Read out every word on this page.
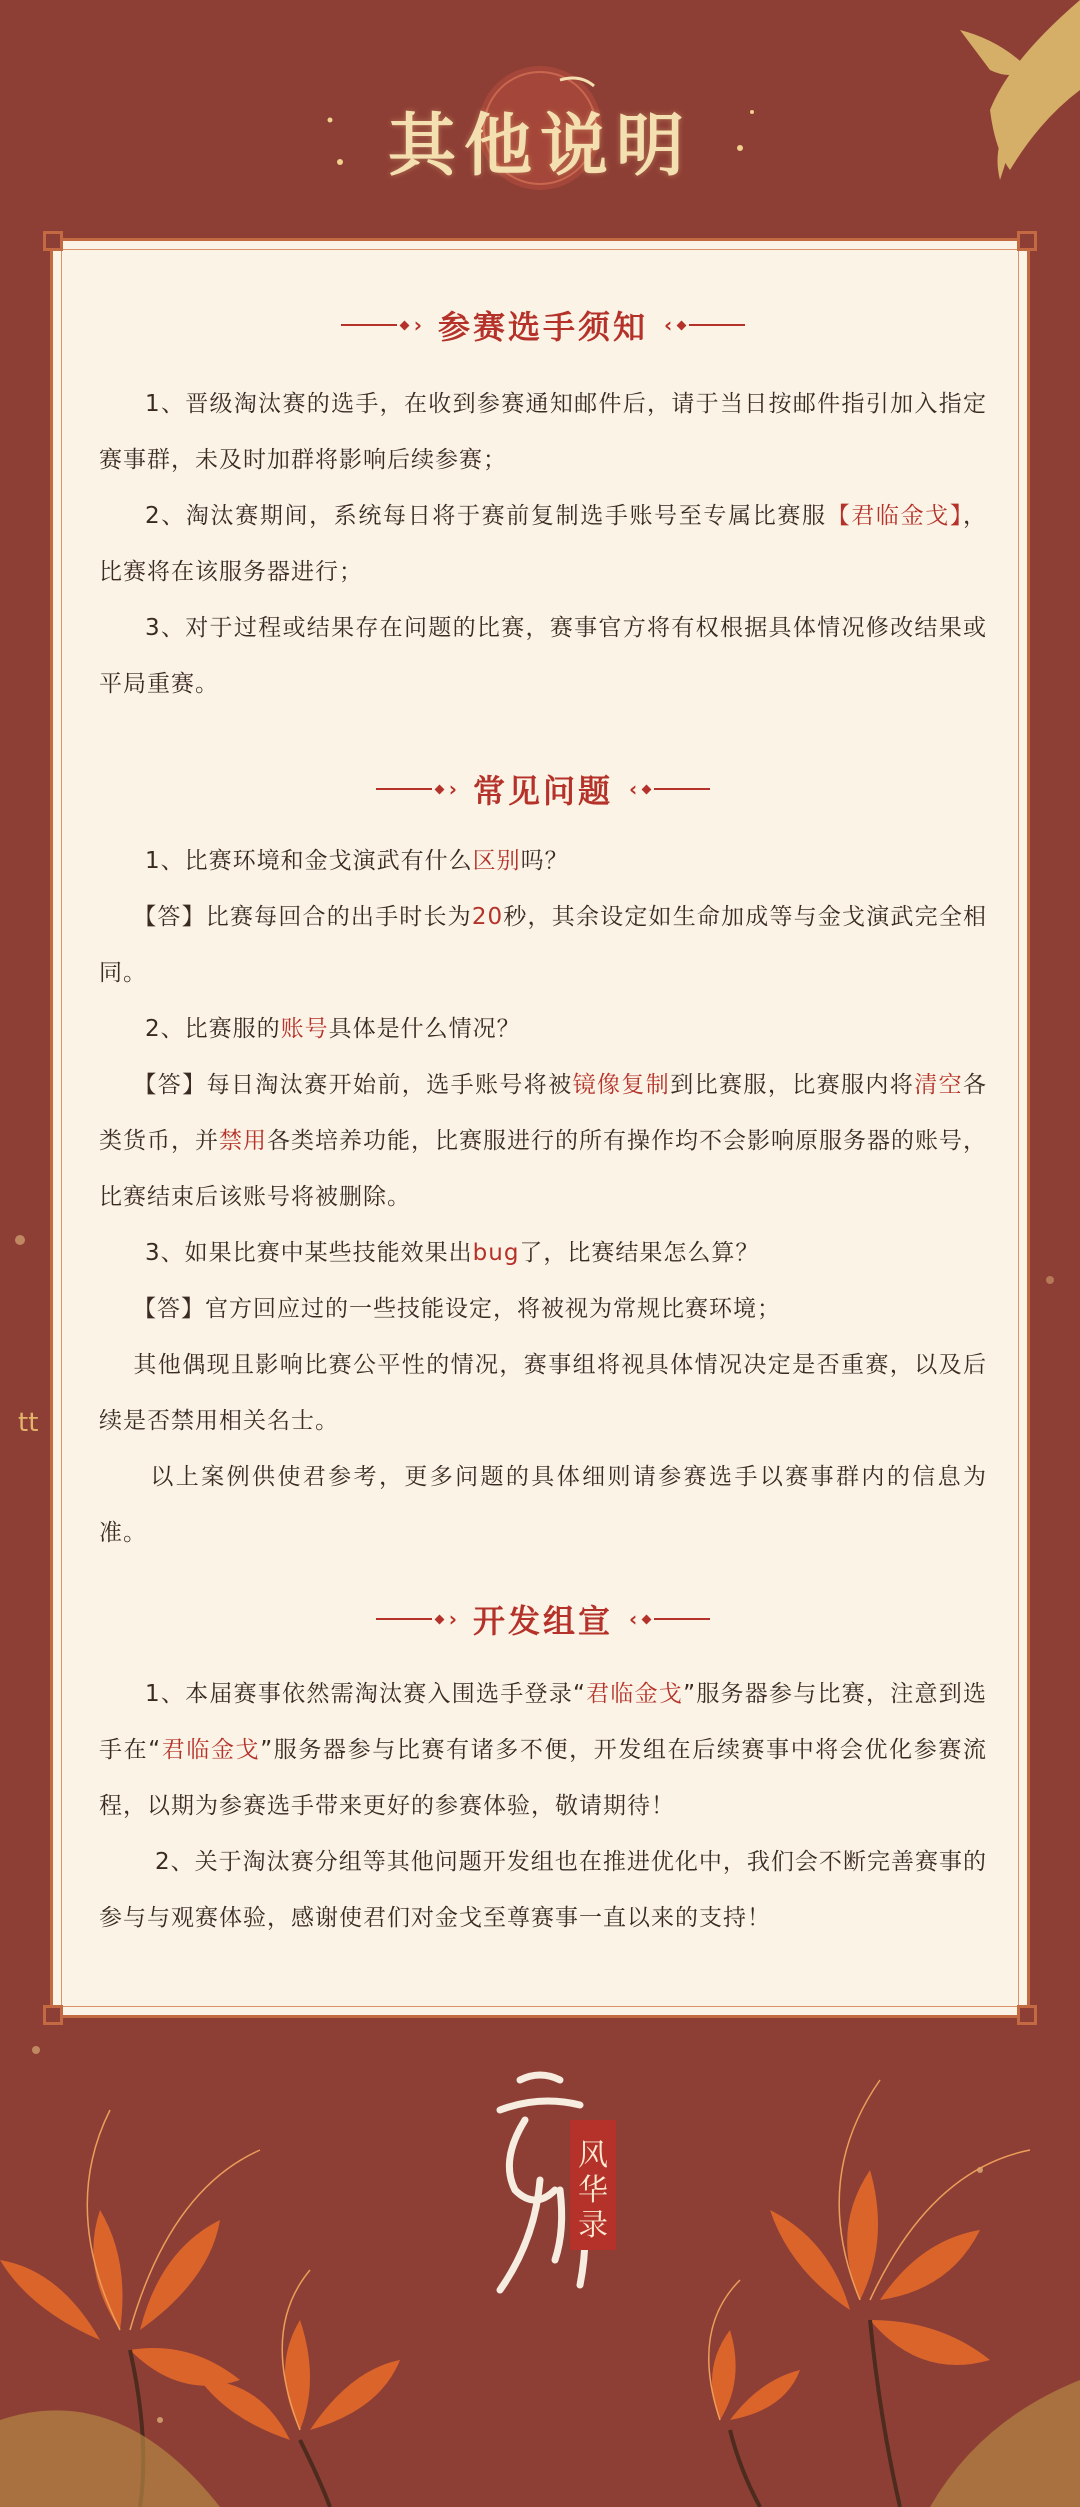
tt
其他说明
› 参赛选手须知 ‹
1、晋级淘汰赛的选手，在收到参赛通知邮件后，请于当日按邮件指引加入指定赛事群，未及时加群将影响后续参赛；
2、淘汰赛期间，系统每日将于赛前复制选手账号至专属比赛服【君临金戈】，比赛将在该服务器进行；
3、对于过程或结果存在问题的比赛，赛事官方将有权根据具体情况修改结果或平局重赛。
› 常见问题 ‹
1、比赛环境和金戈演武有什么区别吗？
【答】比赛每回合的出手时长为20秒，其余设定如生命加成等与金戈演武完全相同。
2、比赛服的账号具体是什么情况？
【答】每日淘汰赛开始前，选手账号将被镜像复制到比赛服，比赛服内将清空各类货币，并禁用各类培养功能，比赛服进行的所有操作均不会影响原服务器的账号，比赛结束后该账号将被删除。
3、如果比赛中某些技能效果出bug了，比赛结果怎么算？
【答】官方回应过的一些技能设定，将被视为常规比赛环境；
其他偶现且影响比赛公平性的情况，赛事组将视具体情况决定是否重赛，以及后续是否禁用相关名士。
以上案例供使君参考，更多问题的具体细则请参赛选手以赛事群内的信息为准。
› 开发组宣 ‹
1、本届赛事依然需淘汰赛入围选手登录“君临金戈”服务器参与比赛，注意到选手在“君临金戈”服务器参与比赛有诸多不便，开发组在后续赛事中将会优化参赛流程，以期为参赛选手带来更好的参赛体验，敬请期待！
2、关于淘汰赛分组等其他问题开发组也在推进优化中，我们会不断完善赛事的参与与观赛体验，感谢使君们对金戈至尊赛事一直以来的支持！
风
华
录
